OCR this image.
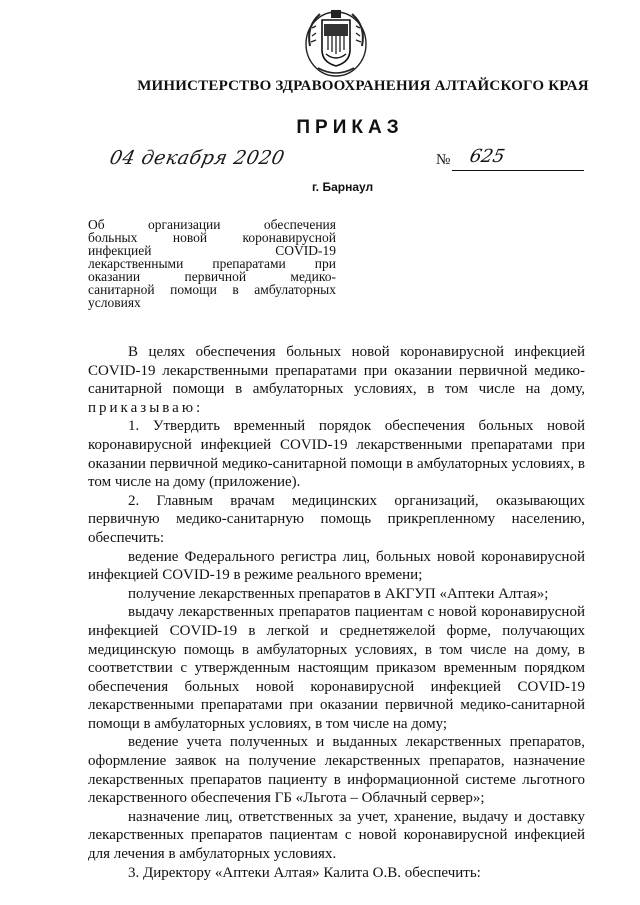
МИНИСТЕРСТВО ЗДРАВООХРАНЕНИЯ АЛТАЙСКОГО КРАЯ
ПРИКАЗ
04 декабря 2020	№ 625
г. Барнаул
Об организации обеспечения
больных новой коронавирусной
инфекцией COVID-19
лекарственными препаратами при
оказании первичной медико-
санитарной помощи в амбулаторных
условиях

В целях обеспечения больных новой коронавирусной инфекцией COVID-19 лекарственными препаратами при оказании первичной медико-санитарной помощи в амбулаторных условиях, в том числе на дому, приказываю:

1. Утвердить временный порядок обеспечения больных новой коронавирусной инфекцией COVID-19 лекарственными препаратами при оказании первичной медико-санитарной помощи в амбулаторных условиях, в том числе на дому (приложение).

2. Главным врачам медицинских организаций, оказывающих первичную медико-санитарную помощь прикрепленному населению, обеспечить:

ведение Федерального регистра лиц, больных новой коронавирусной инфекцией COVID-19 в режиме реального времени;

получение лекарственных препаратов в АКГУП «Аптеки Алтая»;

выдачу лекарственных препаратов пациентам с новой коронавирусной инфекцией COVID-19 в легкой и среднетяжелой форме, получающих медицинскую помощь в амбулаторных условиях, в том числе на дому, в соответствии с утвержденным настоящим приказом временным порядком обеспечения больных новой коронавирусной инфекцией COVID-19 лекарственными препаратами при оказании первичной медико-санитарной помощи в амбулаторных условиях, в том числе на дому;

ведение учета полученных и выданных лекарственных препаратов, оформление заявок на получение лекарственных препаратов, назначение лекарственных препаратов пациенту в информационной системе льготного лекарственного обеспечения ГБ «Льгота – Облачный сервер»;

назначение лиц, ответственных за учет, хранение, выдачу и доставку лекарственных препаратов пациентам с новой коронавирусной инфекцией для лечения в амбулаторных условиях.

3. Директору «Аптеки Алтая» Калита О.В. обеспечить:
